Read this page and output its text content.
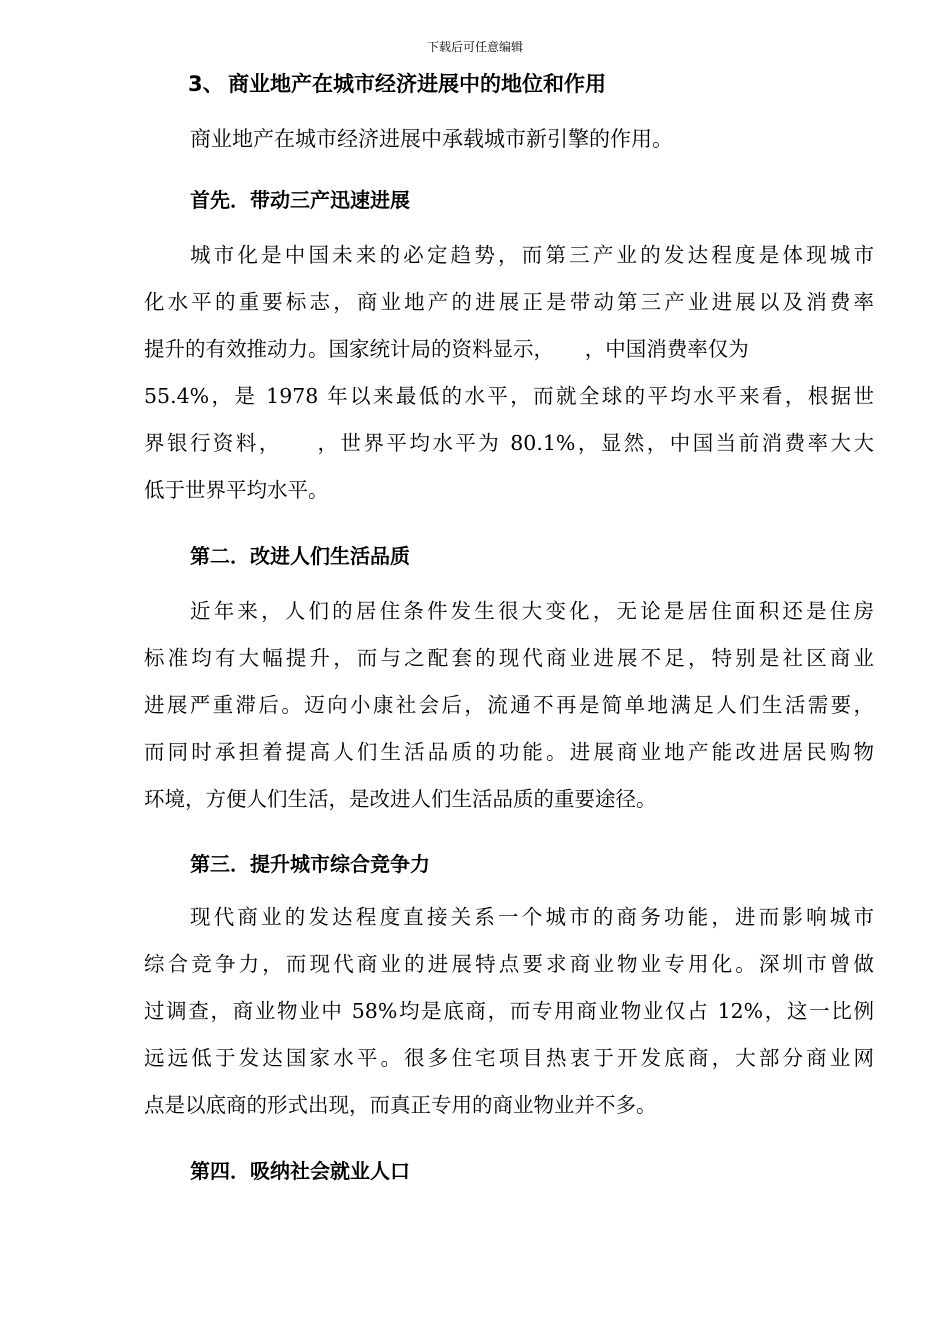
下载后可任意编辑
3、 商业地产在城市经济进展中的地位和作用
商业地产在城市经济进展中承载城市新引擎的作用。
首先．带动三产迅速进展
城市化是中国未来的必定趋势，而第三产业的发达程度是体现城市
化水平的重要标志，商业地产的进展正是带动第三产业进展以及消费率
提升的有效推动力。国家统计局的资料显示，　　，中国消费率仅为
55.4%，是 1978 年以来最低的水平，而就全球的平均水平来看，根据世
界银行资料，　　，世界平均水平为 80.1%，显然，中国当前消费率大大
低于世界平均水平。
第二．改进人们生活品质
近年来，人们的居住条件发生很大变化，无论是居住面积还是住房
标准均有大幅提升，而与之配套的现代商业进展不足，特别是社区商业
进展严重滞后。迈向小康社会后，流通不再是简单地满足人们生活需要，
而同时承担着提高人们生活品质的功能。进展商业地产能改进居民购物
环境，方便人们生活，是改进人们生活品质的重要途径。
第三．提升城市综合竞争力
现代商业的发达程度直接关系一个城市的商务功能，进而影响城市
综合竞争力，而现代商业的进展特点要求商业物业专用化。深圳市曾做
过调查，商业物业中 58%均是底商，而专用商业物业仅占 12%，这一比例
远远低于发达国家水平。很多住宅项目热衷于开发底商，大部分商业网
点是以底商的形式出现，而真正专用的商业物业并不多。
第四．吸纳社会就业人口
